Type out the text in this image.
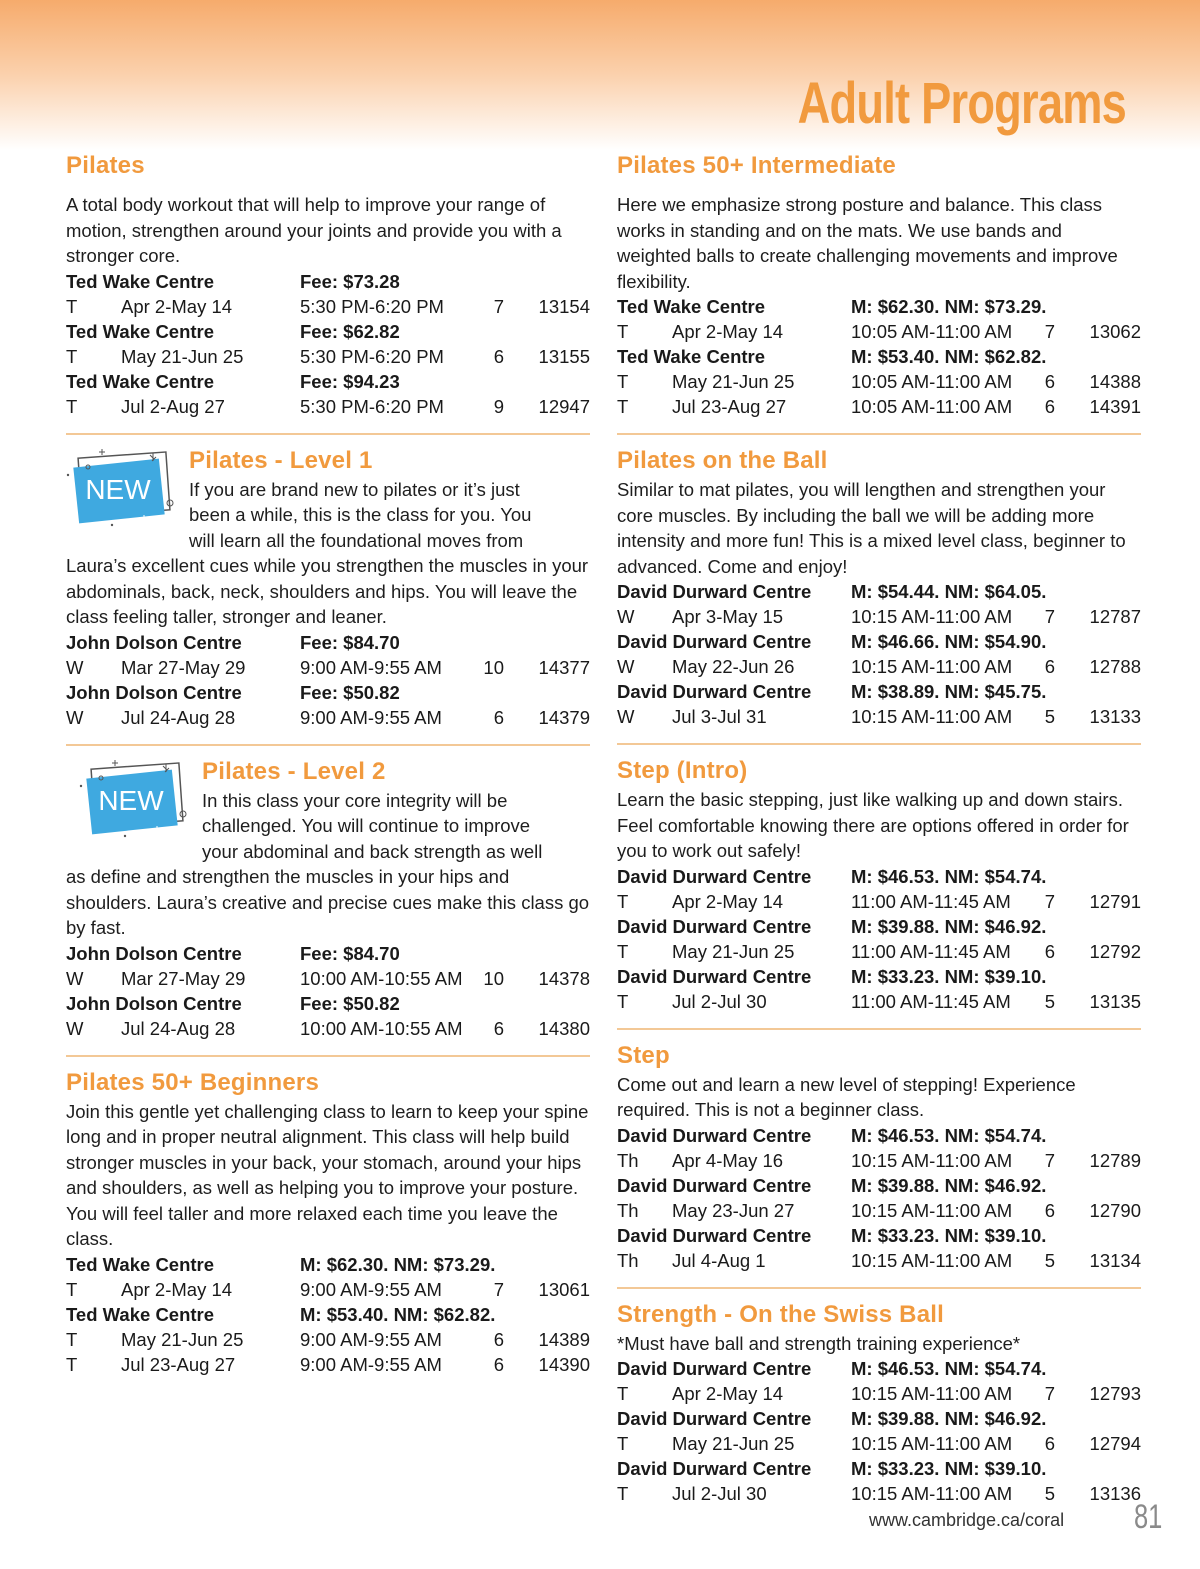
Adult Programs
Pilates

A total body workout that will help to improve your range of motion, strengthen around your joints and provide you with a stronger core.

Ted Wake Centre	Fee: $73.28
T Apr 2-May 14	5:30 PM-6:20 PM	7 13154
Ted Wake Centre	Fee: $62.82
T May 21-Jun 25	5:30 PM-6:20 PM	6 13155
Ted Wake Centre	Fee: $94.23
T Jul 2-Aug 27	5:30 PM-6:20 PM	9 12947
NEW
Pilates - Level 1

If you are brand new to pilates or it’s just

been a while, this is the class for you. You

will learn all the foundational moves from

Laura’s excellent cues while you strengthen the muscles in your abdominals, back, neck, shoulders and hips. You will leave the class feeling taller, stronger and leaner.

John Dolson Centre	Fee: $84.70
W Mar 27-May 29	9:00 AM-9:55 AM 10 14377
John Dolson Centre	Fee: $50.82
W Jul 24-Aug 28	9:00 AM-9:55 AM	6 14379
NEW
Pilates - Level 2

In this class your core integrity will be

challenged. You will continue to improve

your abdominal and back strength as well

as define and strengthen the muscles in your hips and shoulders. Laura’s creative and precise cues make this class go by fast.

John Dolson Centre	Fee: $84.70
W Mar 27-May 29	10:00 AM-10:55 AM 10 14378
John Dolson Centre	Fee: $50.82
W Jul 24-Aug 28	10:00 AM-10:55 AM 6 14380
Pilates 50+ Beginners

Join this gentle yet challenging class to learn to keep your spine long and in proper neutral alignment. This class will help build stronger muscles in your back, your stomach, around your hips and shoulders, as well as helping you to improve your posture. You will feel taller and more relaxed each time you leave the class.

Ted Wake Centre	M: $62.30. NM: $73.29.
T Apr 2-May 14	9:00 AM-9:55 AM	7 13061
Ted Wake Centre	M: $53.40. NM: $62.82.
T May 21-Jun 25	9:00 AM-9:55 AM	6 14389
T Jul 23-Aug 27	9:00 AM-9:55 AM	6 14390
Pilates 50+ Intermediate

Here we emphasize strong posture and balance. This class works in standing and on the mats. We use bands and weighted balls to create challenging movements and improve flexibility.

Ted Wake Centre	M: $62.30. NM: $73.29.
T Apr 2-May 14	10:05 AM-11:00 AM 7 13062
Ted Wake Centre	M: $53.40. NM: $62.82.
T May 21-Jun 25	10:05 AM-11:00 AM 6 14388
T Jul 23-Aug 27	10:05 AM-11:00 AM 6 14391
Pilates on the Ball

Similar to mat pilates, you will lengthen and strengthen your core muscles. By including the ball we will be adding more intensity and more fun! This is a mixed level class, beginner to advanced. Come and enjoy!

David Durward Centre M: $54.44. NM: $64.05.
W Apr 3-May 15	10:15 AM-11:00 AM 7 12787
David Durward Centre M: $46.66. NM: $54.90.
W May 22-Jun 26	10:15 AM-11:00 AM 6 12788
David Durward Centre M: $38.89. NM: $45.75.
W Jul 3-Jul 31	10:15 AM-11:00 AM 5 13133
Step (Intro)

Learn the basic stepping, just like walking up and down stairs. Feel comfortable knowing there are options offered in order for you to work out safely!

David Durward Centre M: $46.53. NM: $54.74.
T Apr 2-May 14	11:00 AM-11:45 AM 7 12791
David Durward Centre M: $39.88. NM: $46.92.
T May 21-Jun 25	11:00 AM-11:45 AM 6 12792
David Durward Centre M: $33.23. NM: $39.10.
T Jul 2-Jul 30	11:00 AM-11:45 AM 5 13135
Step

Come out and learn a new level of stepping! Experience required. This is not a beginner class.

David Durward Centre M: $46.53. NM: $54.74.
Th Apr 4-May 16	10:15 AM-11:00 AM 7 12789
David Durward Centre M: $39.88. NM: $46.92.
Th May 23-Jun 27	10:15 AM-11:00 AM 6 12790
David Durward Centre M: $33.23. NM: $39.10.
Th Jul 4-Aug 1	10:15 AM-11:00 AM 5 13134
Strength - On the Swiss Ball

*Must have ball and strength training experience*

David Durward Centre M: $46.53. NM: $54.74.
T Apr 2-May 14	10:15 AM-11:00 AM 7 12793
David Durward Centre M: $39.88. NM: $46.92.
T May 21-Jun 25	10:15 AM-11:00 AM 6 12794
David Durward Centre M: $33.23. NM: $39.10.
T Jul 2-Jul 30	10:15 AM-11:00 AM 5 13136
www.cambridge.ca/coral 81
